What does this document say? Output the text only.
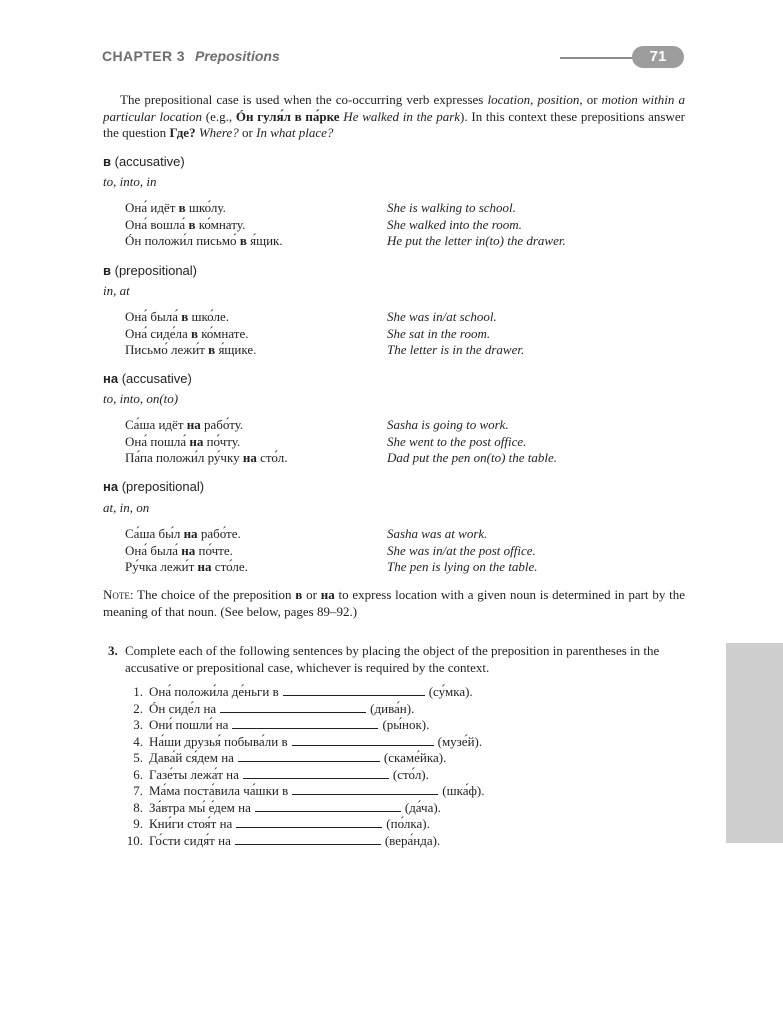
CHAPTER 3 Prepositions	71

The prepositional case is used when the co-occurring verb expresses location, position, or motion within a particular location (e.g., Óн гуля́л в па́рке He walked in the park). In this context these prepositions answer the question Где? Where? or In what place?

в (accusative)

to, into, in

Она́ идёт в шко́лу.	She is walking to school.
Она́ вошла́ в ко́мнату.	She walked into the room.
Óн положи́л письмо́ в я́щик.	He put the letter in(to) the drawer.

в (prepositional)

in, at

Она́ была́ в шко́ле.	She was in/at school.
Она́ сиде́ла в ко́мнате.	She sat in the room.
Письмо́ лежи́т в я́щике.	The letter is in the drawer.

на (accusative)

to, into, on(to)

Са́ша идёт на рабо́ту.	Sasha is going to work.
Она́ пошла́ на по́чту.	She went to the post office.
Па́па положи́л ру́чку на сто́л.	Dad put the pen on(to) the table.

на (prepositional)

at, in, on

Са́ша бы́л на рабо́те.	Sasha was at work.
Она́ была́ на по́чте.	She was in/at the post office.
Ру́чка лежи́т на сто́ле.	The pen is lying on the table.

Note: The choice of the preposition в or на to express location with a given noun is determined in part by the meaning of that noun. (See below, pages 89–92.)

3. Complete each of the following sentences by placing the object of the preposition in parentheses in the accusative or prepositional case, whichever is required by the context.

1. Она́ положи́ла де́ньги в	(су́мка).
2. Óн сиде́л на	(дива́н).
3. Они́ пошли́ на	(ры́нок).
4. На́ши друзья́ побыва́ли в	(музе́й).
5. Дава́й ся́дем на	(скаме́йка).
6. Газе́ты лежа́т на	(сто́л).
7. Ма́ма поста́вила ча́шки в	(шка́ф).
8. За́втра мы́ е́дем на	(да́ча).
9. Кни́ги стоя́т на	(по́лка).
10. Го́сти сидя́т на	(вера́нда).
